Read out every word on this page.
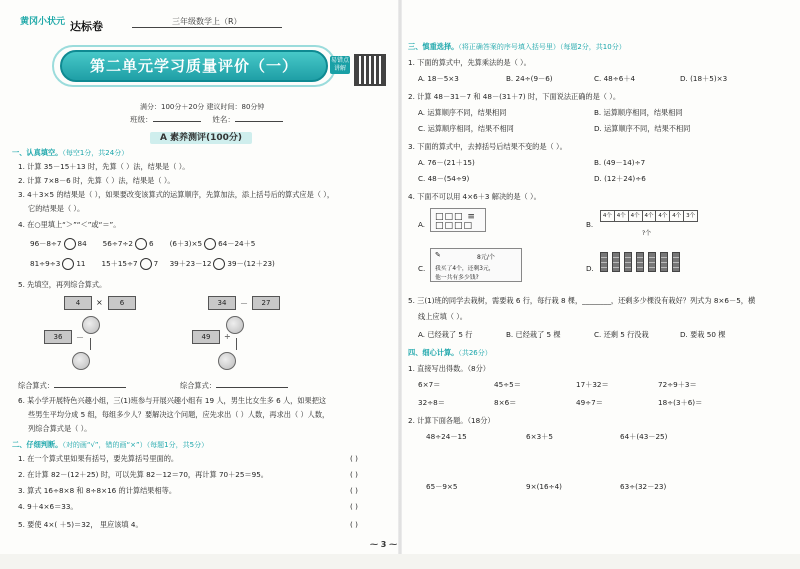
黄冈小状元 达标卷	三年级数学上（R）
第二单元学习质量评价（一）	易错点讲解
满分：100分＋20分 建议时间：80分钟
班级：	姓名：
A 素养测评(100分)
一、认真填空。（每空1分，共24分）
1. 计算 35－15＋13 时，先算（ ）法，结果是（ ）。
2. 计算 7×8－6 时，先算（ ）法，结果是（ ）。
3. 4＋3×5 的结果是（ ），如果要改变该算式的运算顺序，先算加法，添上括号后的算式应是（ ），
它的结果是（ ）。
4. 在○里填上“＞”“＜”或“＝”。
96－8÷7 84 56÷7÷2 6 (6＋3)×5 64－24＋5
81÷9÷3 11 15＋15÷7 7 39＋23－12 39－(12＋23)
5. 先填空，再列综合算式。
4	×	6
36	－
34	－	27
49	÷
综合算式：	综合算式：
6. 某小学开展特色兴趣小组，三(1)班参与开展兴趣小组有 19 人，男生比女生多 6 人，如果把这
些男生平均分成 5 组，每组多少人？要解决这个问题，应先求出（ ）人数，再求出（ ）人数，
列综合算式是（ ）。
二、仔细判断。（对的画“√”，错的画“×”）（每题1分，共5分）
1. 在一个算式里如果有括号，要先算括号里面的。
2. 在计算 82－(12＋25) 时，可以先算 82－12＝70，再计算 70＋25＝95。
3. 算式 16÷8×8 和 8÷8×16 的计算结果相等。
4. 9＋4×6＝33。
5. 要使 4×( ＋5)＝32， 里应该填 4。
( )
( )
( )
( )
( )
三、慎重选择。（将正确答案的序号填入括号里）（每题2分，共10分）
1. 下面的算式中，先算乘法的是（ ）。
A. 18－5×3	B. 24÷(9－6)	C. 48÷6＋4	D. (18＋5)×3
2. 计算 48－31－7 和 48－(31＋7) 时，下面说法正确的是（ ）。
A. 运算顺序不同，结果相同	B. 运算顺序相同，结果相同
C. 运算顺序相同，结果不相同	D. 运算顺序不同，结果不相同
3. 下面的算式中，去掉括号后结果不变的是（ ）。
A. 76－(21＋15)	B. (49－14)÷7
C. 48－(54÷9)	D. (12＋24)÷6
4. 下面不可以用 4×6＋3 解决的是（ ）。
A.
□□□ ≡
□□□□	B.
4个 4个 4个 4个 4个 4个 3个
?个
C.
✎	8元/个
我买了4个，还剩3元，
他一共有多少钱?
D.
5. 三(1)班的同学去栽树，需要栽 6 行，每行栽 8 棵，________，还剩多少棵没有栽好？列式为 8×6－5，横
线上应填（ ）。
A. 已经栽了 5 行	B. 已经栽了 5 棵	C. 还剩 5 行没栽	D. 要栽 50 棵
四、细心计算。（共26分）
1. 直接写出得数。（8分）
6×7＝	45÷5＝	17＋32＝	72÷9＋3＝
32÷8＝	8×6＝	49÷7＝	18÷(3＋6)＝
2. 计算下面各题。（18分）
48÷24－15	6×3＋5	64＋(43－25)
65－9×5	9×(16÷4)	63÷(32－23)
⁓ 3 ⁓
